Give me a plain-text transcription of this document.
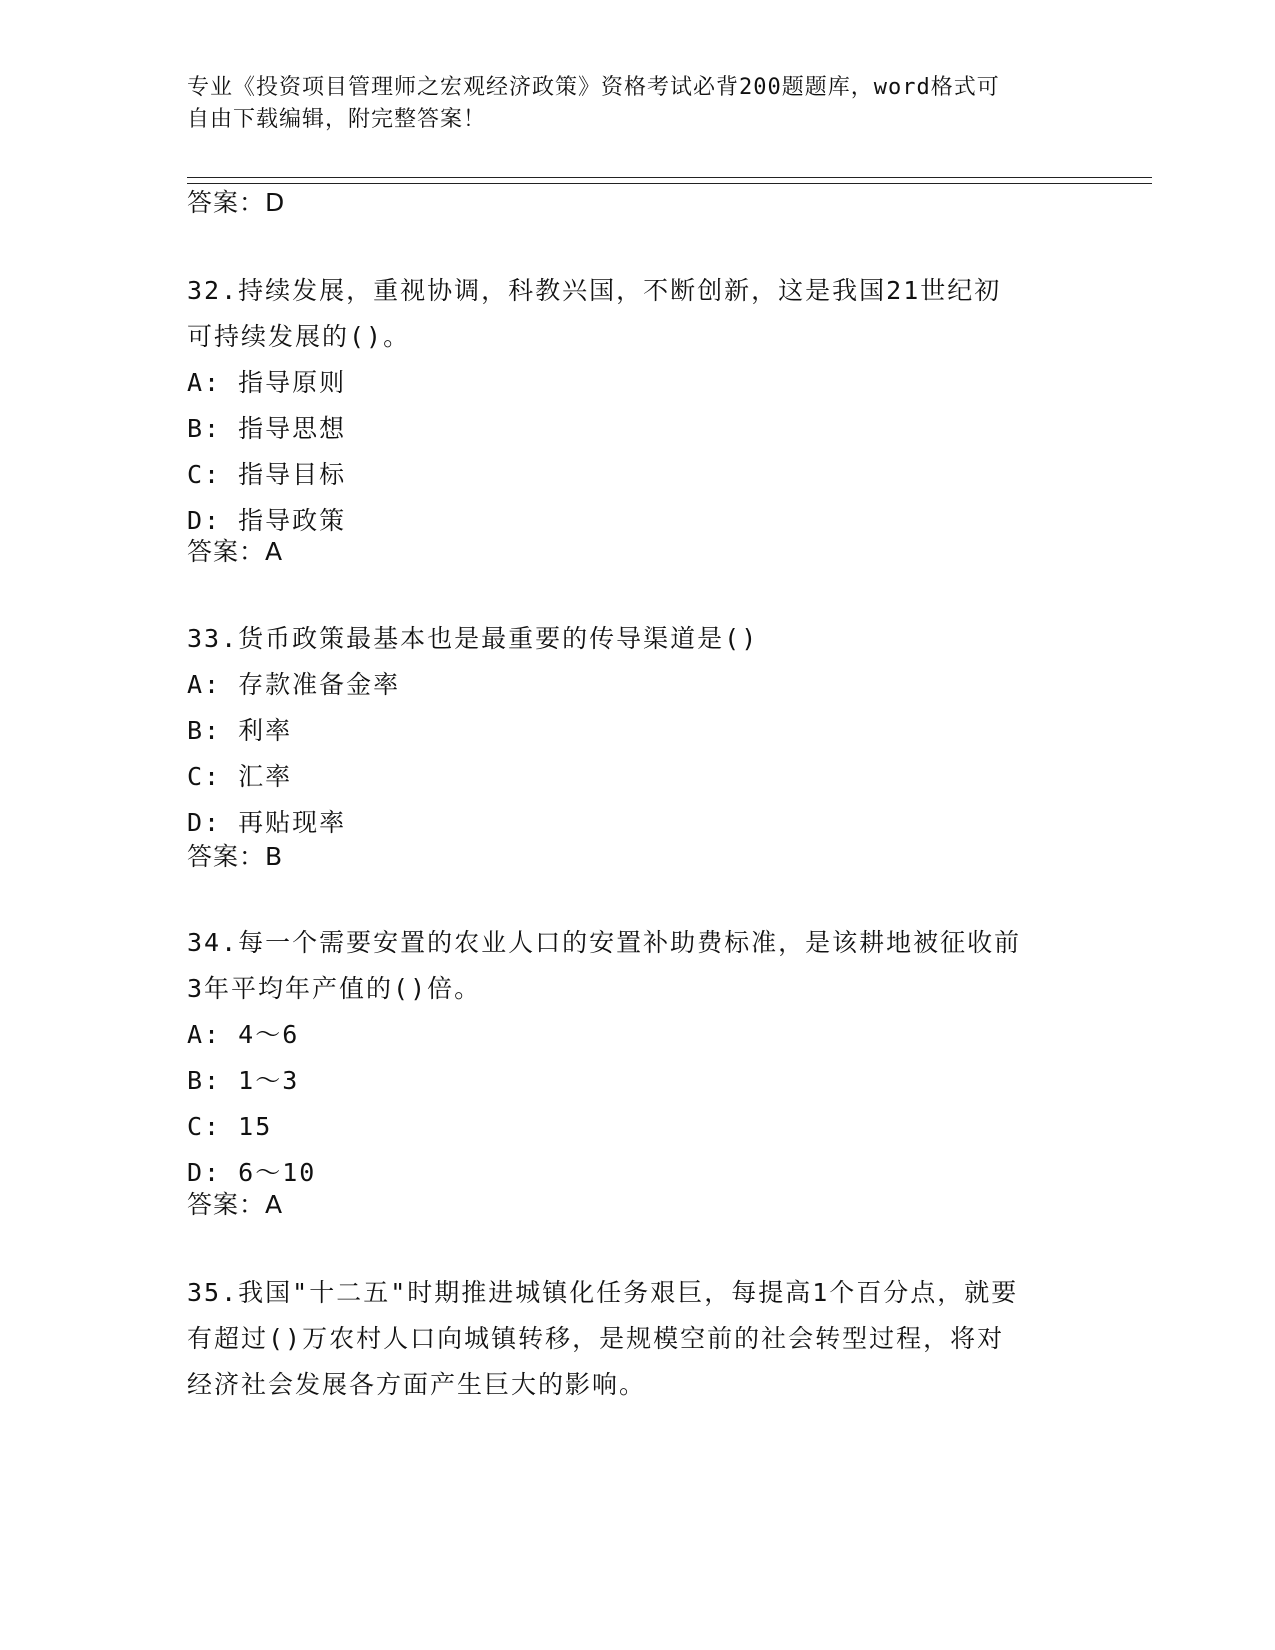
专业《投资项目管理师之宏观经济政策》资格考试必背200题题库，word格式可
自由下载编辑，附完整答案！
答案：D
32.持续发展，重视协调，科教兴国，不断创新，这是我国21世纪初
可持续发展的()。
A: 指导原则
B: 指导思想
C: 指导目标
D: 指导政策
答案：A
33.货币政策最基本也是最重要的传导渠道是()
A: 存款准备金率
B: 利率
C: 汇率
D: 再贴现率
答案：B
34.每一个需要安置的农业人口的安置补助费标准，是该耕地被征收前
3年平均年产值的()倍。
A: 4～6
B: 1～3
C: 15
D: 6～10
答案：A
35.我国"十二五"时期推进城镇化任务艰巨，每提高1个百分点，就要
有超过()万农村人口向城镇转移，是规模空前的社会转型过程，将对
经济社会发展各方面产生巨大的影响。
